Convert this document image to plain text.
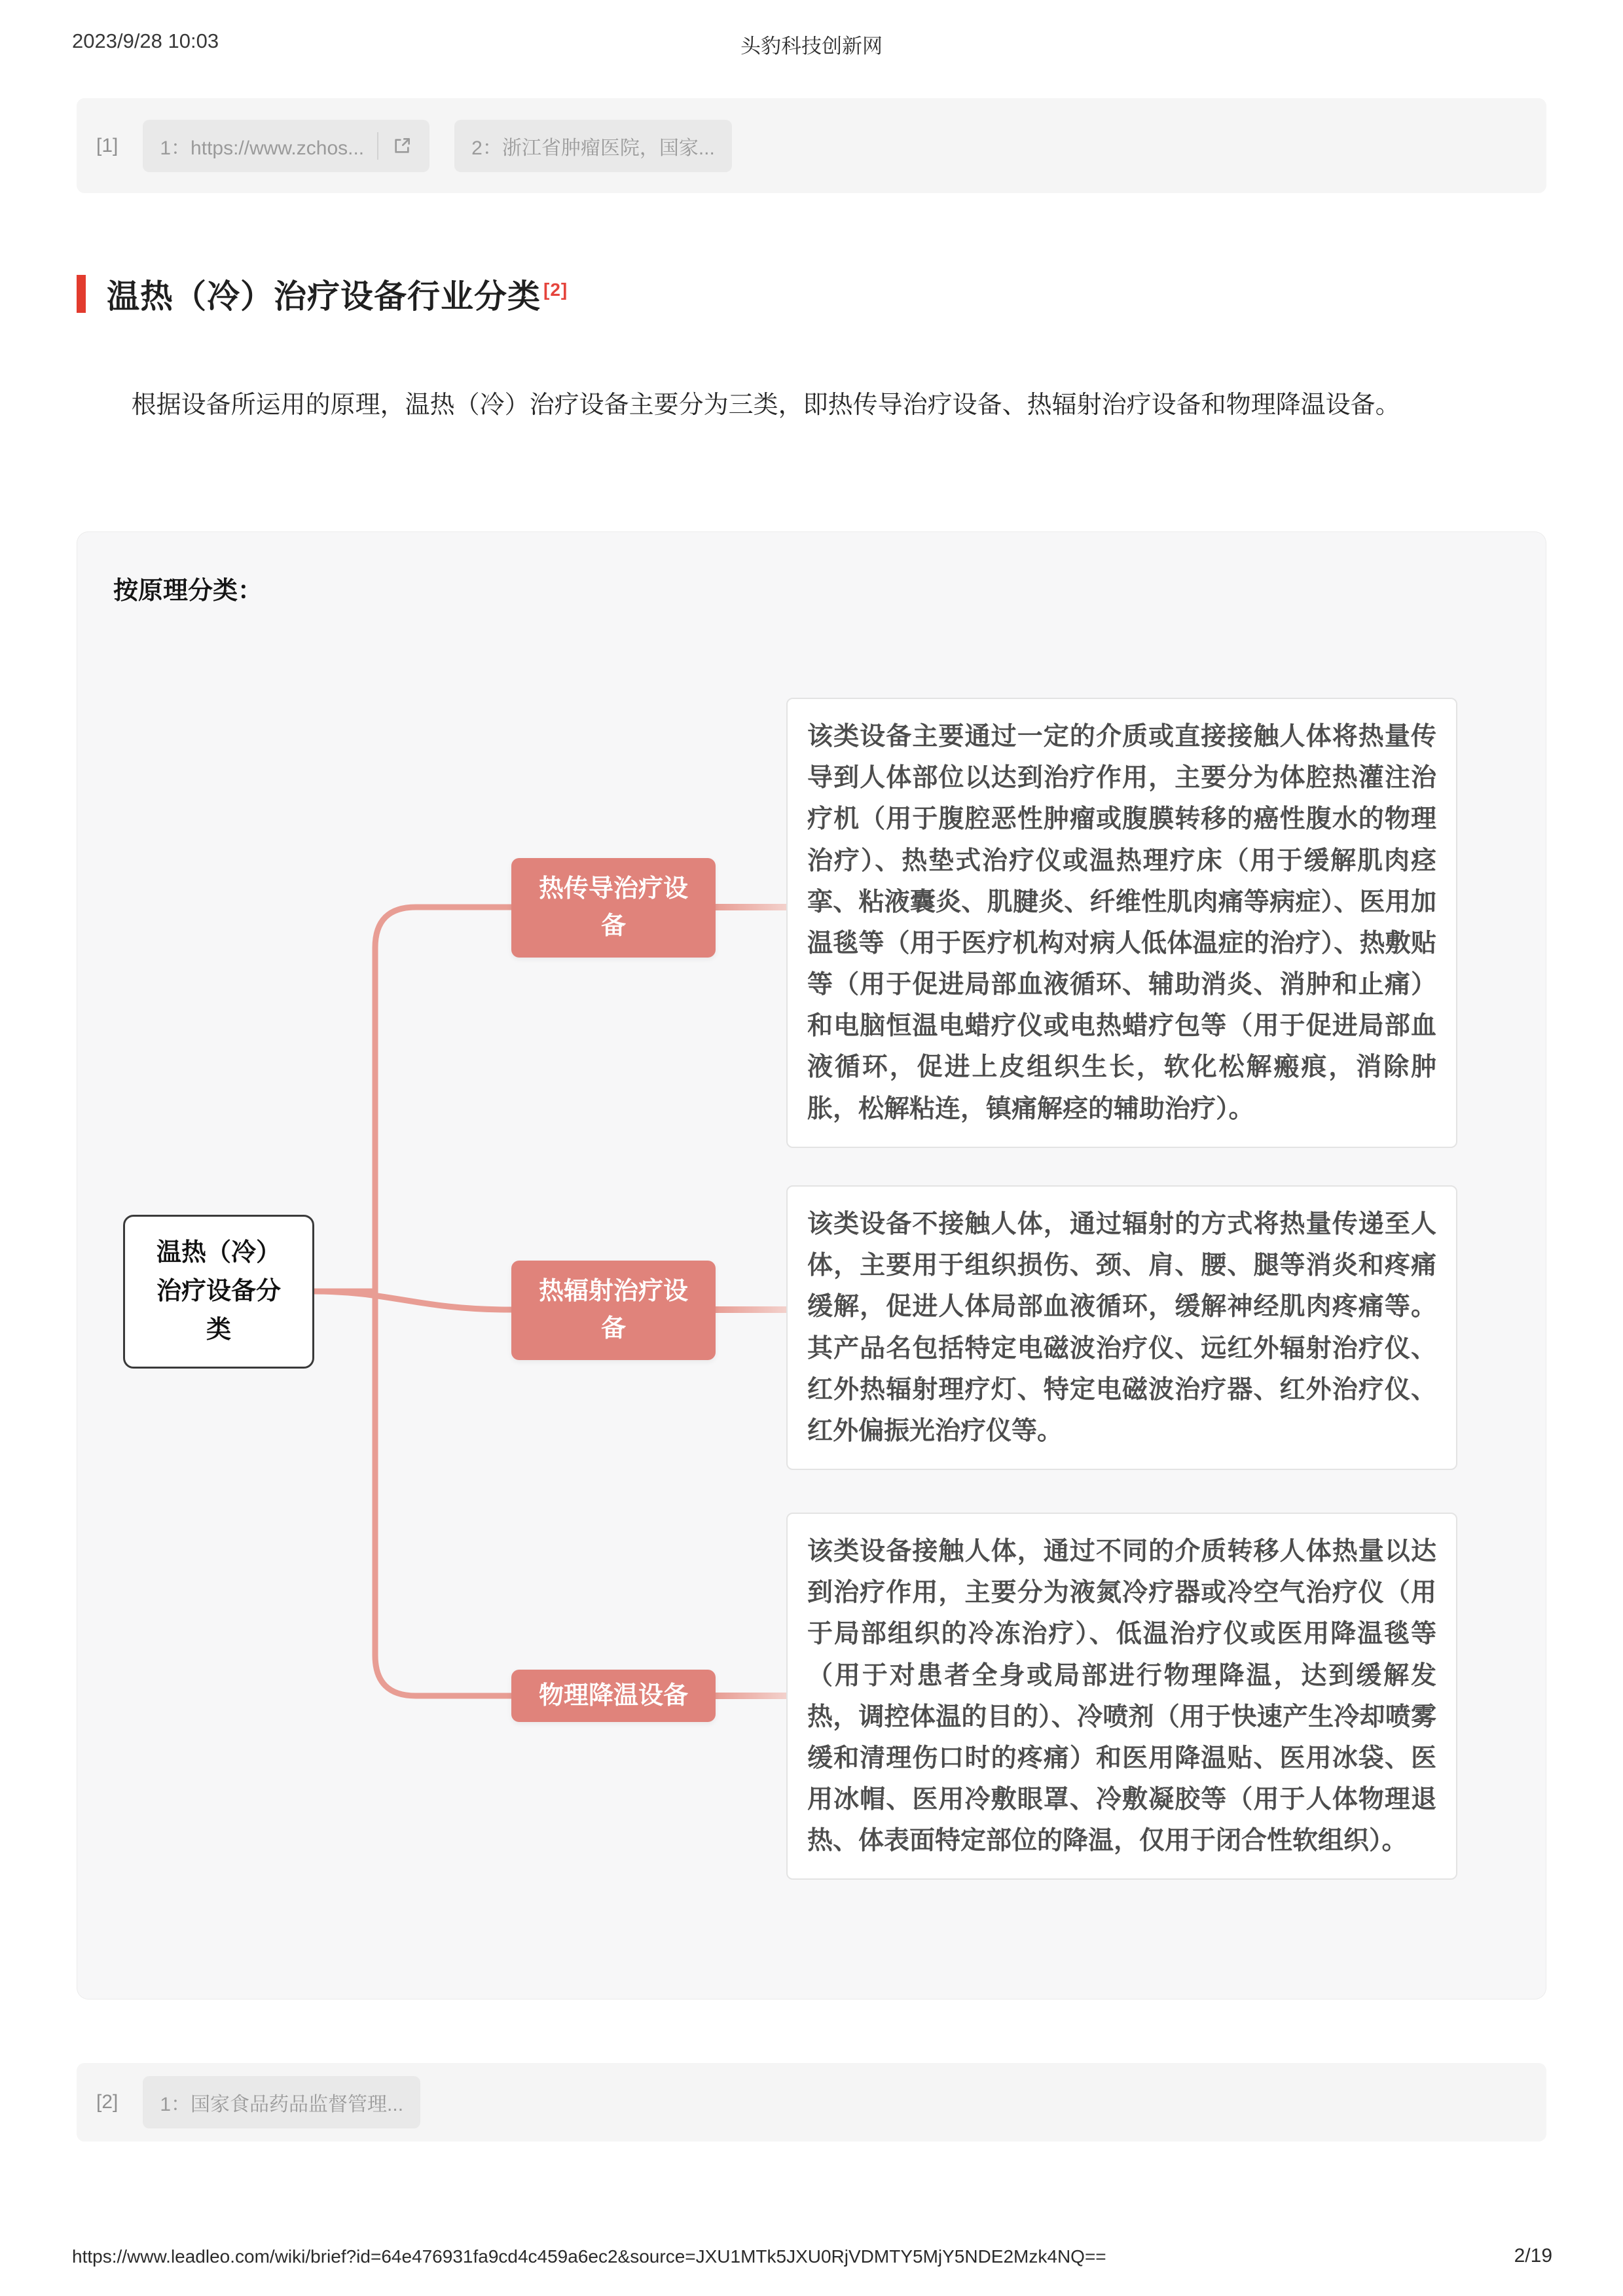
2023/9/28 10:03	头豹科技创新网
[1] 1：https://www.zchos...	2：浙江省肿瘤医院，国家...
温热（冷）治疗设备行业分类 [2]

根据设备所运用的原理，温热（冷）治疗设备主要分为三类，即热传导治疗设备、热辐射治疗设备和物理降温设备。

按原理分类：
温热（冷）治疗设备分类
热传导治疗设备
热辐射治疗设备
物理降温设备
该类设备主要通过一定的介质或直接接触人体将热量传导到人体部位以达到治疗作用，主要分为体腔热灌注治疗机（用于腹腔恶性肿瘤或腹膜转移的癌性腹水的物理治疗）、热垫式治疗仪或温热理疗床（用于缓解肌肉痉挛、粘液囊炎、肌腱炎、纤维性肌肉痛等病症）、医用加温毯等（用于医疗机构对病人低体温症的治疗）、热敷贴等（用于促进局部血液循环、辅助消炎、消肿和止痛）和电脑恒温电蜡疗仪或电热蜡疗包等（用于促进局部血液循环，促进上皮组织生长，软化松解瘢痕，消除肿胀，松解粘连，镇痛解痉的辅助治疗）。
该类设备不接触人体，通过辐射的方式将热量传递至人体，主要用于组织损伤、颈、肩、腰、腿等消炎和疼痛缓解，促进人体局部血液循环，缓解神经肌肉疼痛等。其产品名包括特定电磁波治疗仪、远红外辐射治疗仪、红外热辐射理疗灯、特定电磁波治疗器、红外治疗仪、红外偏振光治疗仪等。
该类设备接触人体，通过不同的介质转移人体热量以达到治疗作用，主要分为液氮冷疗器或冷空气治疗仪（用于局部组织的冷冻治疗）、低温治疗仪或医用降温毯等（用于对患者全身或局部进行物理降温，达到缓解发热，调控体温的目的）、冷喷剂（用于快速产生冷却喷雾缓和清理伤口时的疼痛）和医用降温贴、医用冰袋、医用冰帽、医用冷敷眼罩、冷敷凝胶等（用于人体物理退热、体表面特定部位的降温，仅用于闭合性软组织）。
[2] 1：国家食品药品监督管理...
https://www.leadleo.com/wiki/brief?id=64e476931fa9cd4c459a6ec2&source=JXU1MTk5JXU0RjVDMTY5MjY5NDE2Mzk4NQ==	2/19
